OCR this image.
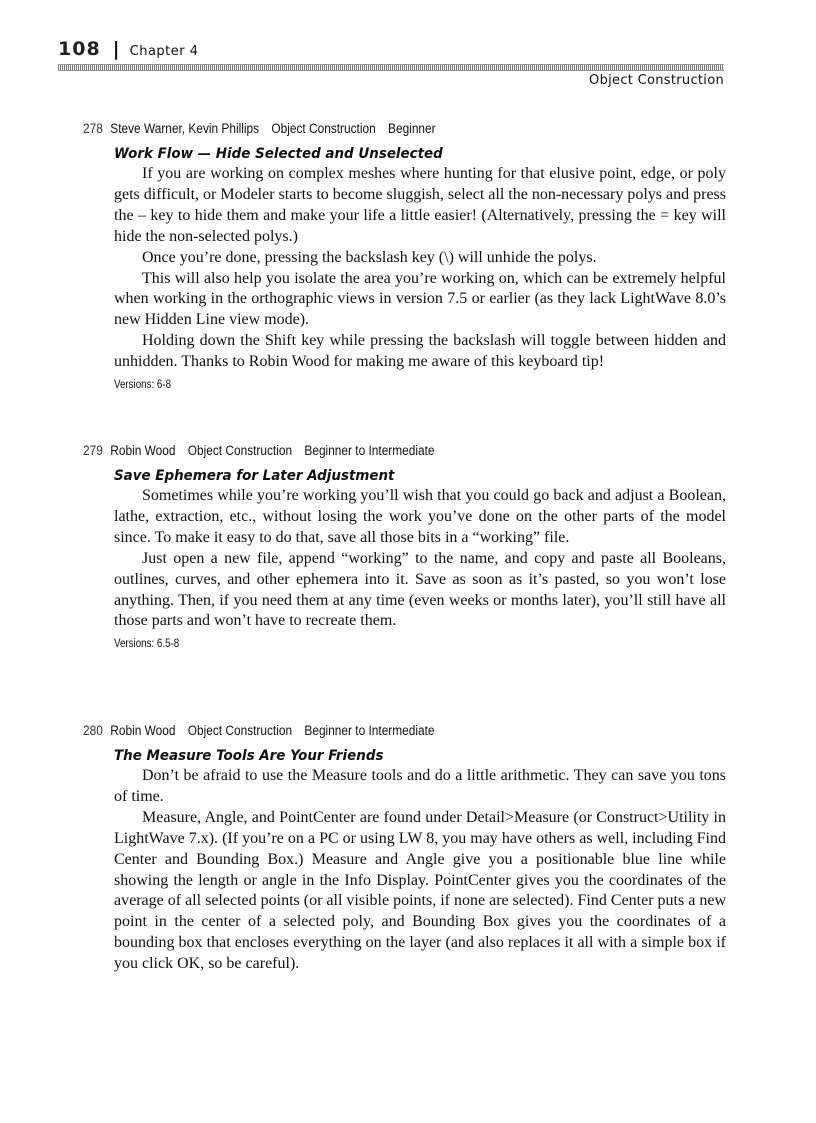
108 | Chapter 4
Object Construction
278 Steve Warner, Kevin Phillips Object Construction Beginner
Work Flow — Hide Selected and Unselected

If you are working on complex meshes where hunting for that elusive point, edge, or poly gets difficult, or Modeler starts to become sluggish, select all the non-necessary polys and press the – key to hide them and make your life a little easier! (Alternatively, pressing the = key will hide the non-selected polys.)

Once you’re done, pressing the backslash key (\) will unhide the polys.

This will also help you isolate the area you’re working on, which can be extremely helpful when working in the orthographic views in version 7.5 or earlier (as they lack LightWave 8.0’s new Hidden Line view mode).

Holding down the Shift key while pressing the backslash will toggle between hidden and unhidden. Thanks to Robin Wood for making me aware of this keyboard tip!

Versions: 6-8
279 Robin Wood Object Construction Beginner to Intermediate
Save Ephemera for Later Adjustment

Sometimes while you’re working you’ll wish that you could go back and adjust a Boolean, lathe, extraction, etc., without losing the work you’ve done on the other parts of the model since. To make it easy to do that, save all those bits in a “working” file.

Just open a new file, append “working” to the name, and copy and paste all Booleans, outlines, curves, and other ephemera into it. Save as soon as it’s pasted, so you won’t lose anything. Then, if you need them at any time (even weeks or months later), you’ll still have all those parts and won’t have to recreate them.

Versions: 6.5-8
280 Robin Wood Object Construction Beginner to Intermediate
The Measure Tools Are Your Friends

Don’t be afraid to use the Measure tools and do a little arithmetic. They can save you tons of time.

Measure, Angle, and PointCenter are found under Detail>Measure (or Construct>Utility in LightWave 7.x). (If you’re on a PC or using LW 8, you may have others as well, including Find Center and Bounding Box.) Measure and Angle give you a positionable blue line while showing the length or angle in the Info Display. PointCenter gives you the coordinates of the average of all selected points (or all visible points, if none are selected). Find Center puts a new point in the center of a selected poly, and Bounding Box gives you the coordinates of a bounding box that encloses everything on the layer (and also replaces it all with a simple box if you click OK, so be careful).
